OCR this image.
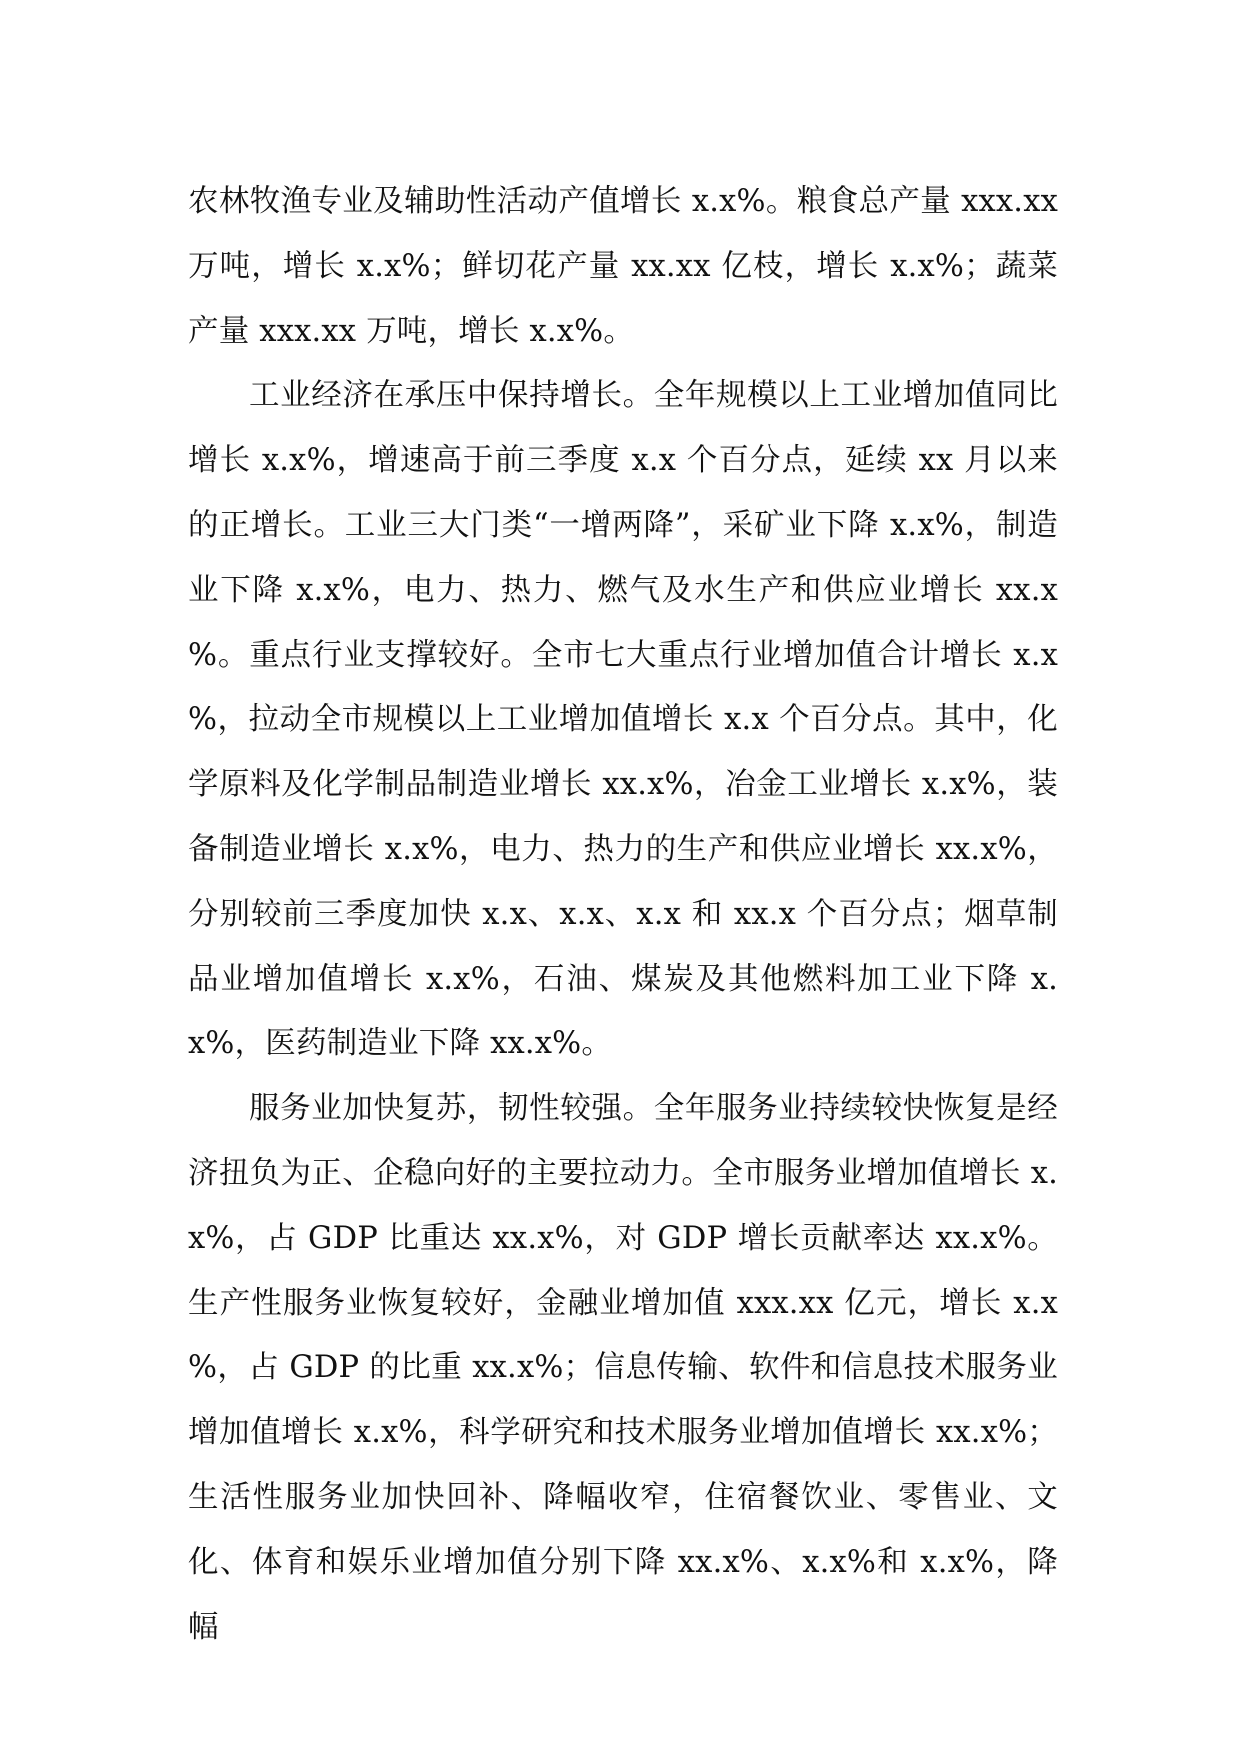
农林牧渔专业及辅助性活动产值增长 x.x%。粮食总产量 xxx.xx 万吨，增长 x.x%；鲜切花产量 xx.xx 亿枝，增长 x.x%；蔬菜产量 xxx.xx 万吨，增长 x.x%。

工业经济在承压中保持增长。全年规模以上工业增加值同比增长 x.x%，增速高于前三季度 x.x 个百分点，延续 xx 月以来的正增长。工业三大门类“一增两降”，采矿业下降 x.x%，制造业下降 x.x%，电力、热力、燃气及水生产和供应业增长 xx.x %。重点行业支撑较好。全市七大重点行业增加值合计增长 x.x %，拉动全市规模以上工业增加值增长 x.x 个百分点。其中，化学原料及化学制品制造业增长 xx.x%，冶金工业增长 x.x%，装备制造业增长 x.x%，电力、热力的生产和供应业增长 xx.x%，分别较前三季度加快 x.x、x.x、x.x 和 xx.x 个百分点；烟草制品业增加值增长 x.x%，石油、煤炭及其他燃料加工业下降 x.x%，医药制造业下降 xx.x%。

服务业加快复苏，韧性较强。全年服务业持续较快恢复是经济扭负为正、企稳向好的主要拉动力。全市服务业增加值增长 x.x%，占 GDP 比重达 xx.x%，对 GDP 增长贡献率达 xx.x%。生产性服务业恢复较好，金融业增加值 xxx.xx 亿元，增长 x.x %，占 GDP 的比重 xx.x%；信息传输、软件和信息技术服务业增加值增长 x.x%，科学研究和技术服务业增加值增长 xx.x%；生活性服务业加快回补、降幅收窄，住宿餐饮业、零售业、文化、体育和娱乐业增加值分别下降 xx.x%、x.x%和 x.x%，降幅
